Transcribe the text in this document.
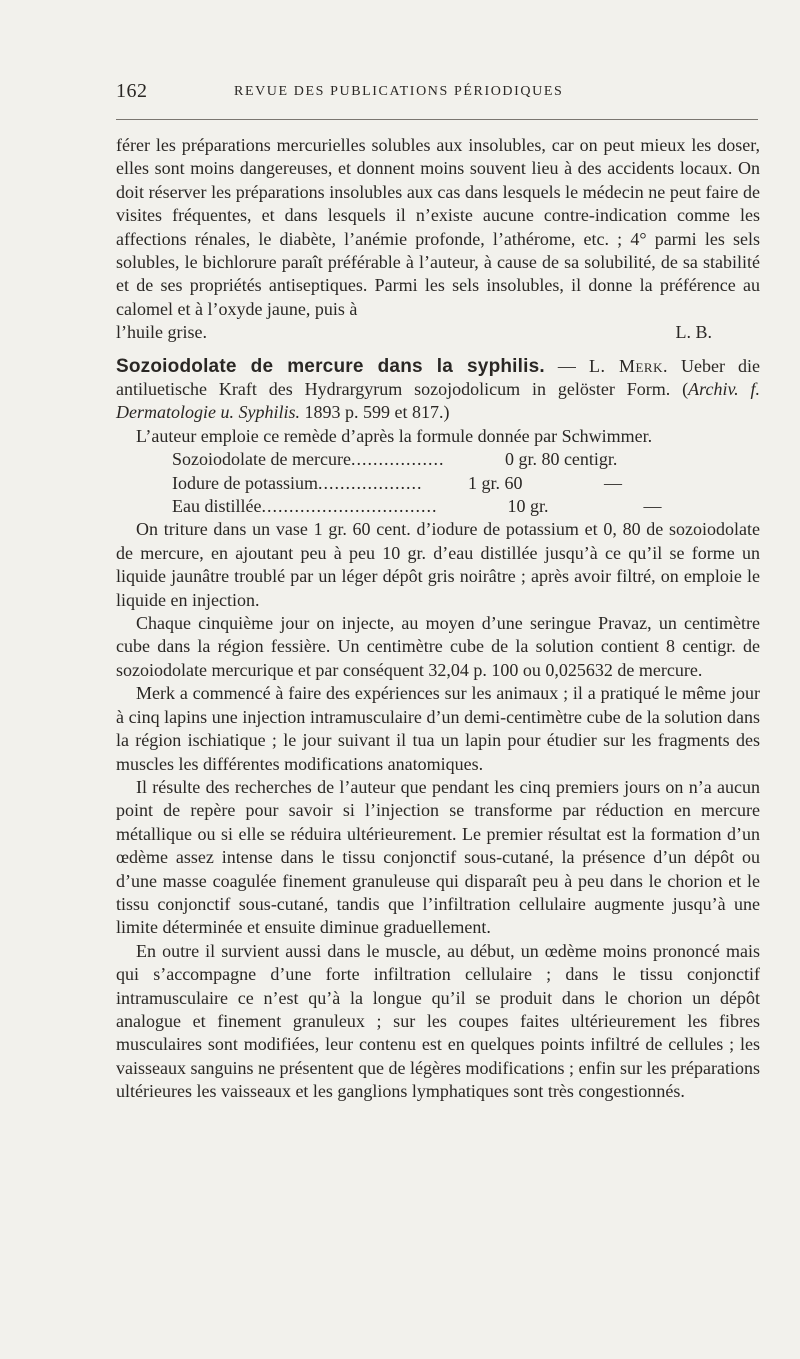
162	REVUE DES PUBLICATIONS PÉRIODIQUES

férer les préparations mercurielles solubles aux insolubles, car on peut mieux les doser, elles sont moins dangereuses, et donnent moins souvent lieu à des accidents locaux. On doit réserver les préparations insolubles aux cas dans lesquels le médecin ne peut faire de visites fréquentes, et dans lesquels il n’existe aucune contre-indication comme les affections rénales, le diabète, l’anémie profonde, l’athérome, etc. ; 4° parmi les sels solubles, le bichlorure paraît préférable à l’auteur, à cause de sa solubilité, de sa stabilité et de ses propriétés antiseptiques. Parmi les sels insolubles, il donne la préférence au calomel et à l’oxyde jaune, puis à

l’huile grise.	L. B.

Sozoiodolate de mercure dans la syphilis. — L. Merk. Ueber die antiluetische Kraft des Hydrargyrum sozojodolicum in gelöster Form. (Archiv. f. Dermatologie u. Syphilis. 1893 p. 599 et 817.)

L’auteur emploie ce remède d’après la formule donnée par Schwimmer.

Sozoiodolate de mercure .................	0 gr. 80 centigr.
Iodure de potassium ...................	1 gr. 60	—
Eau distillée ................................	10 gr.	—

On triture dans un vase 1 gr. 60 cent. d’iodure de potassium et 0, 80 de sozoiodolate de mercure, en ajoutant peu à peu 10 gr. d’eau distillée jusqu’à ce qu’il se forme un liquide jaunâtre troublé par un léger dépôt gris noirâtre ; après avoir filtré, on emploie le liquide en injection.

Chaque cinquième jour on injecte, au moyen d’une seringue Pravaz, un centimètre cube dans la région fessière. Un centimètre cube de la solution contient 8 centigr. de sozoiodolate mercurique et par conséquent 32,04 p. 100 ou 0,025632 de mercure.

Merk a commencé à faire des expériences sur les animaux ; il a pratiqué le même jour à cinq lapins une injection intramusculaire d’un demi-centimètre cube de la solution dans la région ischiatique ; le jour suivant il tua un lapin pour étudier sur les fragments des muscles les différentes modifications anatomiques.

Il résulte des recherches de l’auteur que pendant les cinq premiers jours on n’a aucun point de repère pour savoir si l’injection se transforme par réduction en mercure métallique ou si elle se réduira ultérieurement. Le premier résultat est la formation d’un œdème assez intense dans le tissu conjonctif sous-cutané, la présence d’un dépôt ou d’une masse coagulée finement granuleuse qui disparaît peu à peu dans le chorion et le tissu conjonctif sous-cutané, tandis que l’infiltration cellulaire augmente jusqu’à une limite déterminée et ensuite diminue graduellement.

En outre il survient aussi dans le muscle, au début, un œdème moins prononcé mais qui s’accompagne d’une forte infiltration cellulaire ; dans le tissu conjonctif intramusculaire ce n’est qu’à la longue qu’il se produit dans le chorion un dépôt analogue et finement granuleux ; sur les coupes faites ultérieurement les fibres musculaires sont modifiées, leur contenu est en quelques points infiltré de cellules ; les vaisseaux sanguins ne présentent que de légères modifications ; enfin sur les préparations ultérieures les vaisseaux et les ganglions lymphatiques sont très congestionnés.
